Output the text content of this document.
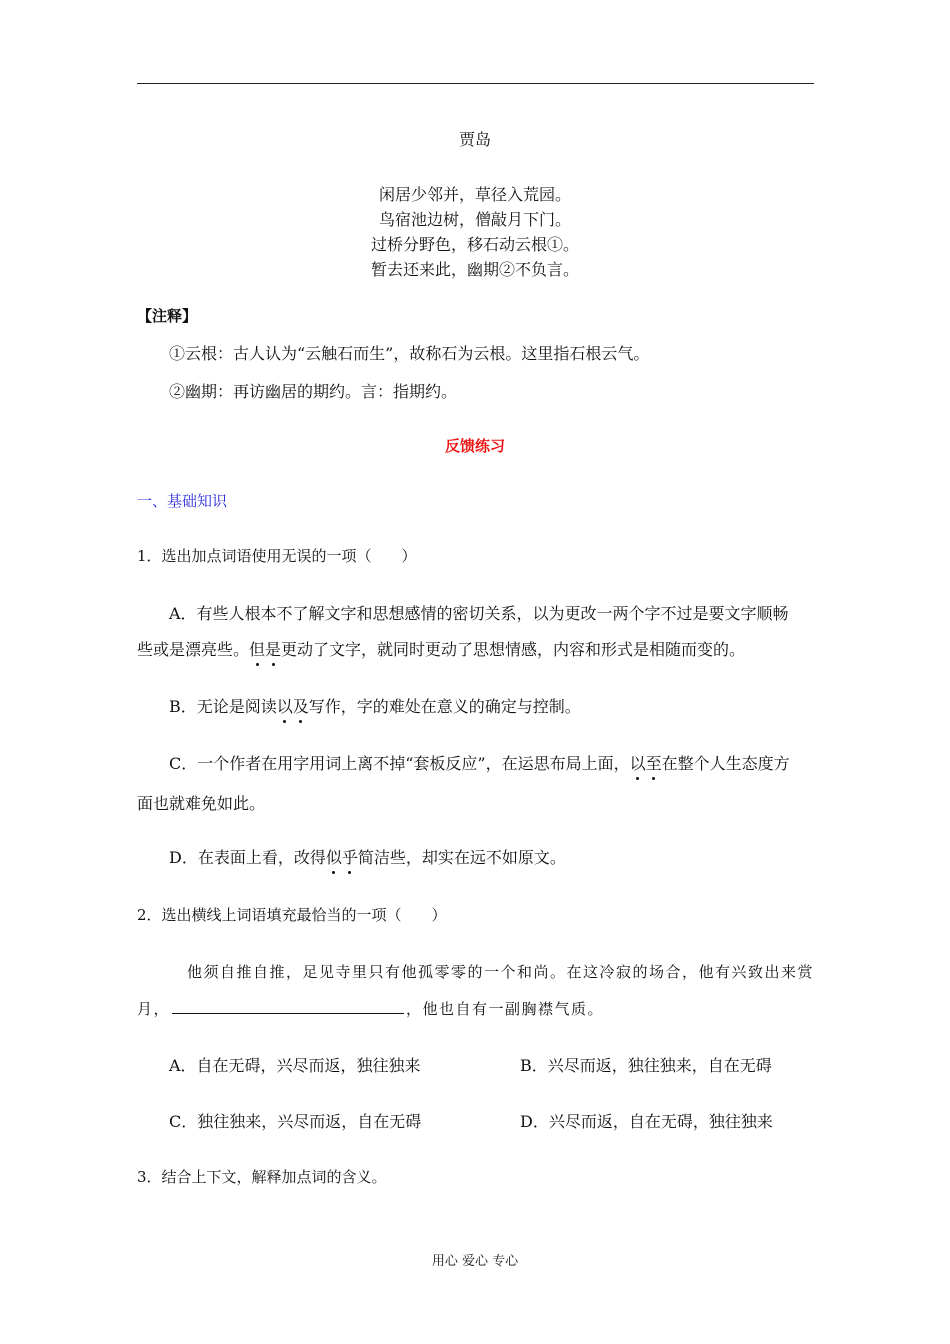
贾岛
闲居少邻并，草径入荒园。
鸟宿池边树，僧敲月下门。
过桥分野色，移石动云根①。
暂去还来此，幽期②不负言。
【注释】
①云根：古人认为“云触石而生”，故称石为云根。这里指石根云气。
②幽期：再访幽居的期约。言：指期约。
反馈练习
一、基础知识
1．选出加点词语使用无误的一项（　　）
A．有些人根本不了解文字和思想感情的密切关系，以为更改一两个字不过是要文字顺畅
些或是漂亮些。但是更动了文字，就同时更动了思想情感，内容和形式是相随而变的。
B．无论是阅读以及写作，字的难处在意义的确定与控制。
C．一个作者在用字用词上离不掉“套板反应”，在运思布局上面，以至在整个人生态度方
面也就难免如此。
D．在表面上看，改得似乎简洁些，却实在远不如原文。
2．选出横线上词语填充最恰当的一项（　　）
他须自推自推，足见寺里只有他孤零零的一个和尚。在这冷寂的场合，他有兴致出来赏
月，	，他也自有一副胸襟气质。
A．自在无碍，兴尽而返，独往独来	B．兴尽而返，独往独来，自在无碍
C．独往独来，兴尽而返，自在无碍	D．兴尽而返，自在无碍，独往独来
3．结合上下文，解释加点词的含义。
用心 爱心 专心
